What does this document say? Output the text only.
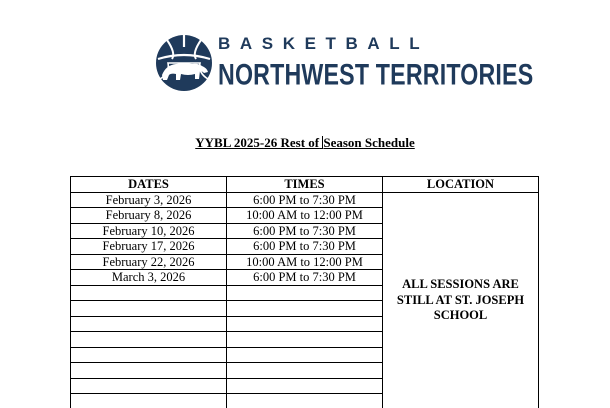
BASKETBALL
NORTHWEST TERRITORIES
YYBL 2025-26 Rest of Season Schedule
DATES	TIMES	LOCATION
February 3, 2026	6:00 PM to 7:30 PM	ALL SESSIONS ARE STILL AT ST. JOSEPH SCHOOL
February 8, 2026	10:00 AM to 12:00 PM	
February 10, 2026	6:00 PM to 7:30 PM	
February 17, 2026	6:00 PM to 7:30 PM	
February 22, 2026	10:00 AM to 12:00 PM	
March 3, 2026	6:00 PM to 7:30 PM	
